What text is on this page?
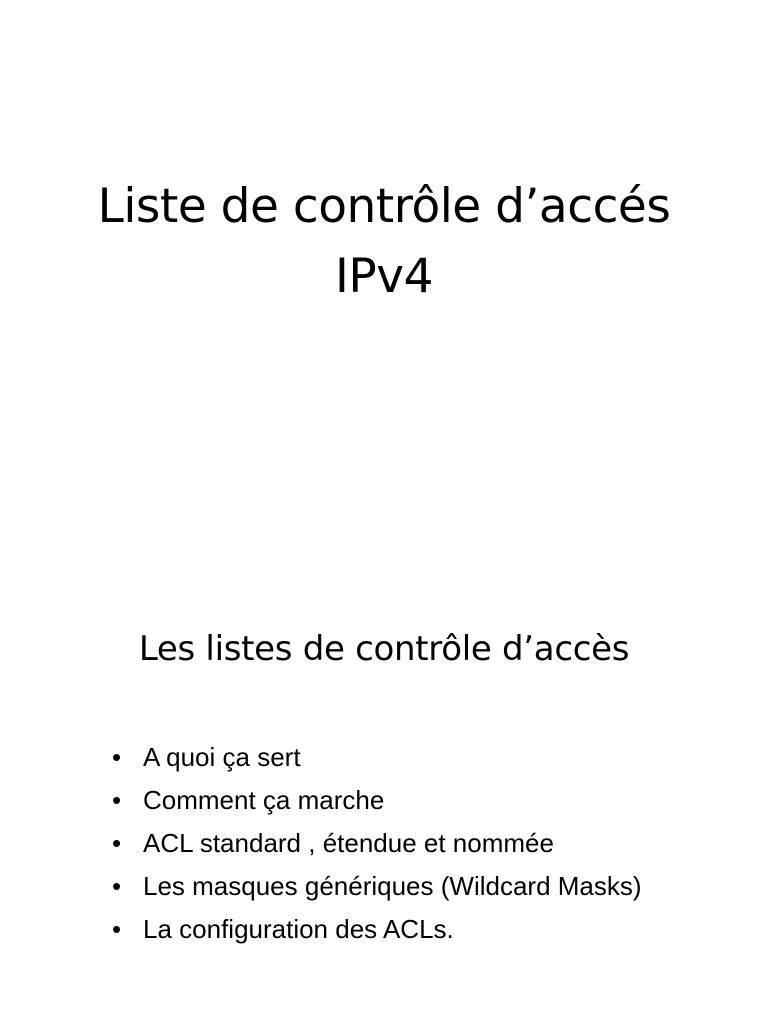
Liste de contrôle d’accés
IPv4
Les listes de contrôle d’accès
• A quoi ça sert
• Comment ça marche
• ACL standard , étendue et nommée
• Les masques génériques (Wildcard Masks)
• La configuration des ACLs.
